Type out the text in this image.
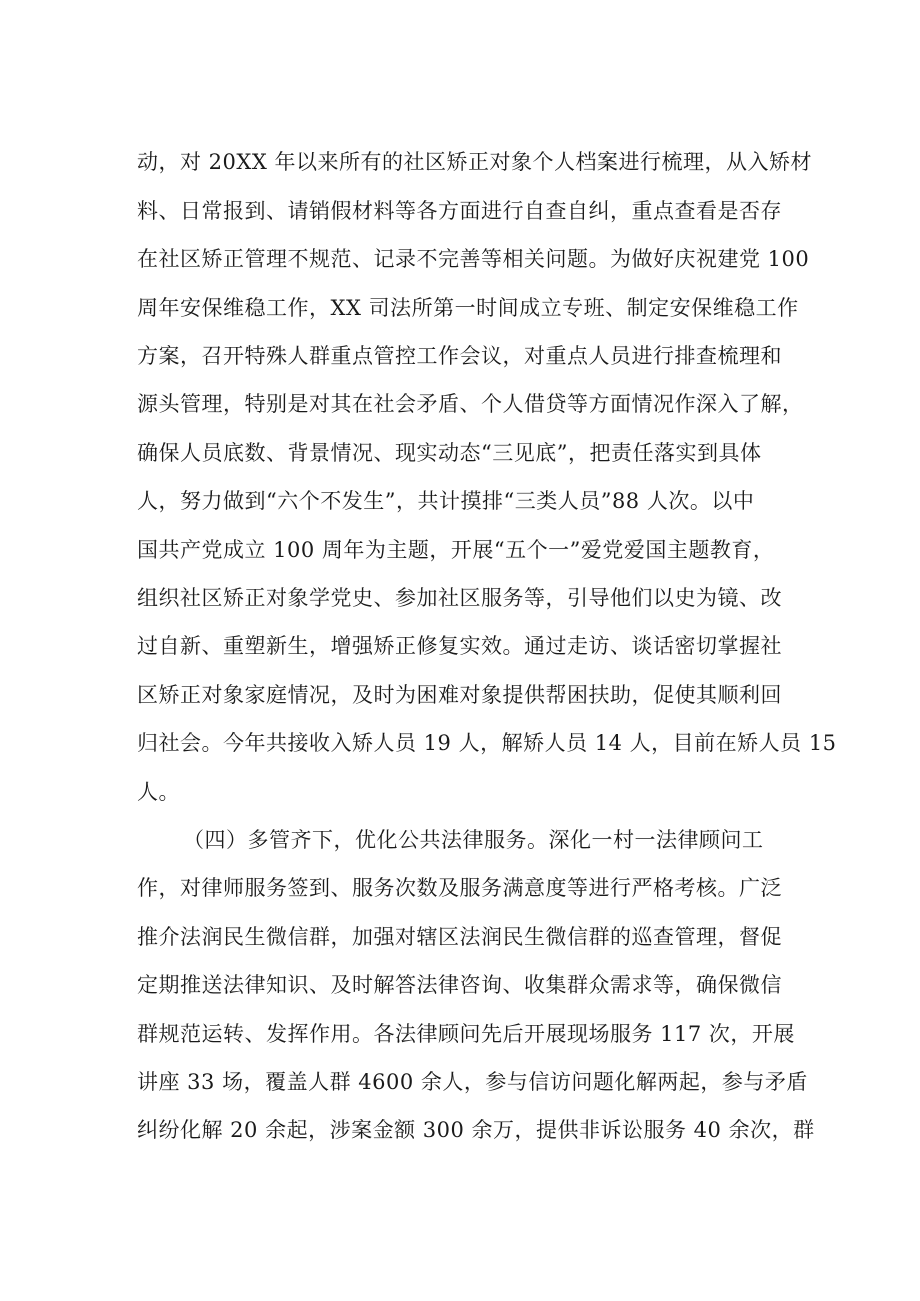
动，对 20XX 年以来所有的社区矫正对象个人档案进行梳理，从入矫材
料、日常报到、请销假材料等各方面进行自查自纠，重点查看是否存
在社区矫正管理不规范、记录不完善等相关问题。为做好庆祝建党 100
周年安保维稳工作，XX 司法所第一时间成立专班、制定安保维稳工作
方案，召开特殊人群重点管控工作会议，对重点人员进行排查梳理和
源头管理，特别是对其在社会矛盾、个人借贷等方面情况作深入了解，
确保人员底数、背景情况、现实动态“三见底”，把责任落实到具体
人，努力做到“六个不发生”，共计摸排“三类人员”88 人次。以中
国共产党成立 100 周年为主题，开展“五个一”爱党爱国主题教育，
组织社区矫正对象学党史、参加社区服务等，引导他们以史为镜、改
过自新、重塑新生，增强矫正修复实效。通过走访、谈话密切掌握社
区矫正对象家庭情况，及时为困难对象提供帮困扶助，促使其顺利回
归社会。今年共接收入矫人员 19 人，解矫人员 14 人，目前在矫人员 15
人。
（四）多管齐下，优化公共法律服务。深化一村一法律顾问工
作，对律师服务签到、服务次数及服务满意度等进行严格考核。广泛
推介法润民生微信群，加强对辖区法润民生微信群的巡查管理，督促
定期推送法律知识、及时解答法律咨询、收集群众需求等，确保微信
群规范运转、发挥作用。各法律顾问先后开展现场服务 117 次，开展
讲座 33 场，覆盖人群 4600 余人，参与信访问题化解两起，参与矛盾
纠纷化解 20 余起，涉案金额 300 余万，提供非诉讼服务 40 余次，群
